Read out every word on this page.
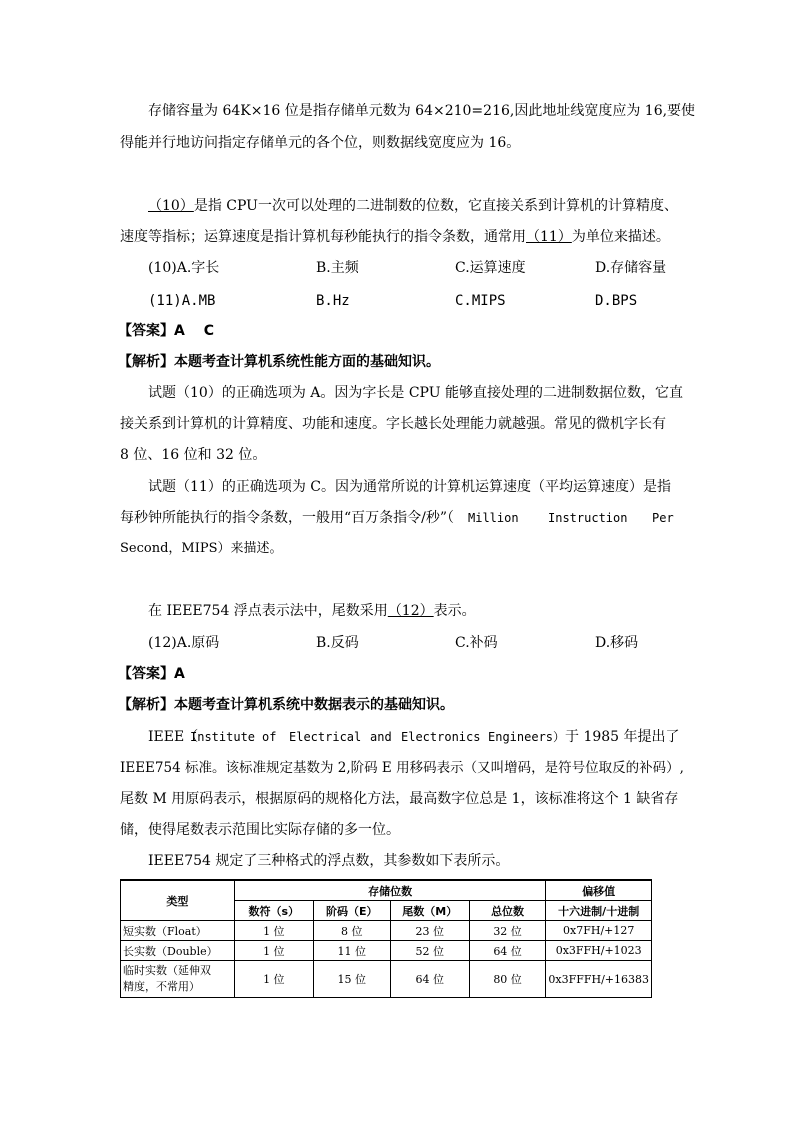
存储容量为 64K×16 位是指存储单元数为 64×210=216,因此地址线宽度应为 16,要使
得能并行地访问指定存储单元的各个位，则数据线宽度应为 16。
（10）是指 CPU一次可以处理的二进制数的位数，它直接关系到计算机的计算精度、
速度等指标；运算速度是指计算机每秒能执行的指令条数，通常用（11）为单位来描述。
(10)A.字长	B.主频	C.运算速度	D.存储容量
(11)A.MB	B.Hz	C.MIPS	D.BPS
【答案】A　 C
【解析】本题考查计算机系统性能方面的基础知识。
试题（10）的正确选项为 A。因为字长是 CPU 能够直接处理的二进制数据位数，它直
接关系到计算机的计算精度、功能和速度。字长越长处理能力就越强。常见的微机字长有
8 位、16 位和 32 位。
试题（11）的正确选项为 C。因为通常所说的计算机运算速度（平均运算速度）是指
每秒钟所能执行的指令条数，一般用“百万条指令/秒”（ Million Instruction Per
Second，MIPS）来描述。
在 IEEE754 浮点表示法中，尾数采用（12）表示。
(12)A.原码	B.反码	C.补码	D.移码
【答案】A
【解析】本题考查计算机系统中数据表示的基础知识。
IEEE（
Institute of Electrical and Electronics Engineers） 于 1985 年提出了
IEEE754 标准。该标准规定基数为 2,阶码 E 用移码表示（又叫增码，是符号位取反的补码）,
尾数 M 用原码表示，根据原码的规格化方法，最高数字位总是 1，该标准将这个 1 缺省存
储，使得尾数表示范围比实际存储的多一位。
IEEE754 规定了三种格式的浮点数，其参数如下表所示。
类型	存储位数				偏移值
	数符（s）	阶码（E）	尾数（M）	总位数	十六进制/十进制
短实数（Float）	1 位	8 位	23 位	32 位	0x7FH/+127
长实数（Double）	1 位	11 位	52 位	64 位	0x3FFH/+1023

临时实数（延伸双
精度，不常用）	1 位	15 位	64 位	80 位	0x3FFFH/+16383
